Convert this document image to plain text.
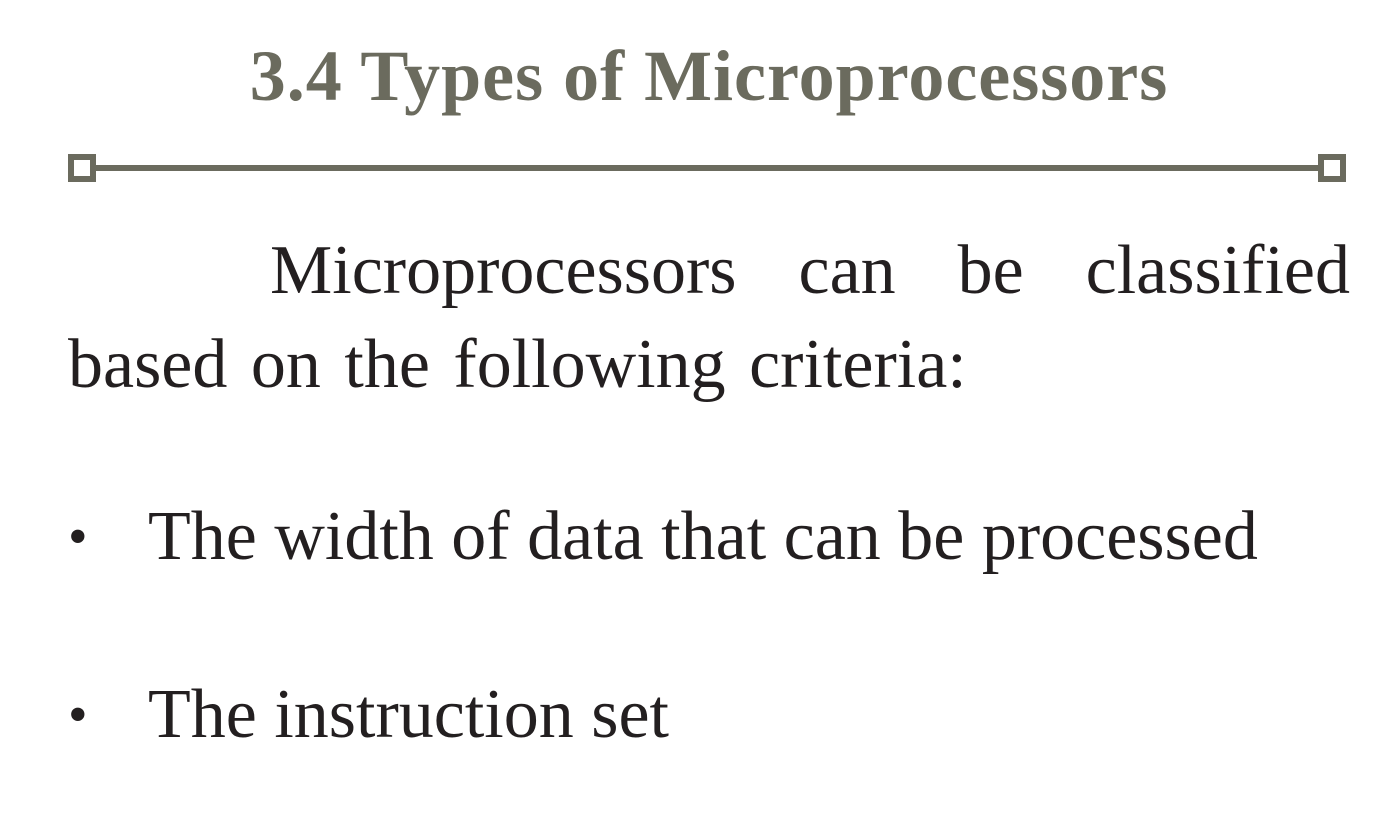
3.4 Types of Microprocessors

Microprocessors can be classified based on the following criteria:

• The width of data that can be processed
• The instruction set
